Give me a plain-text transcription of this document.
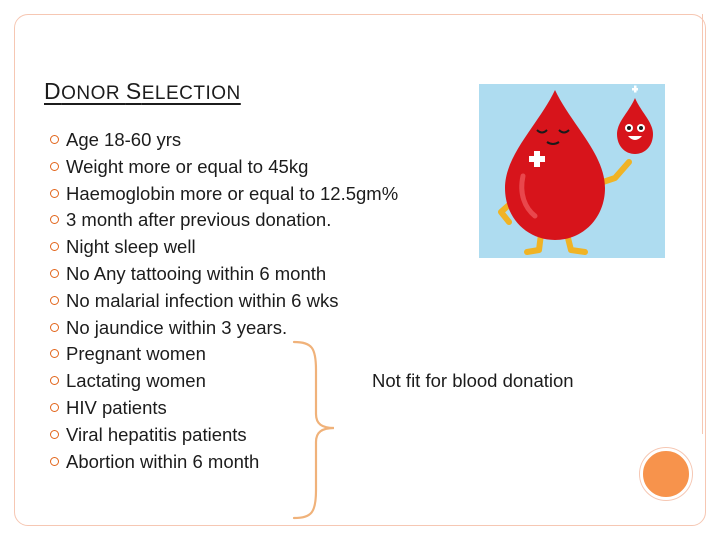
DONOR SELECTION
Age 18-60 yrs
Weight more or equal to 45kg
Haemoglobin more or equal to 12.5gm%
3 month after previous donation.
Night sleep well
No Any tattooing within 6 month
No malarial infection within 6 wks
No jaundice within 3 years.
Pregnant women
Lactating women
HIV patients
Viral hepatitis patients
Abortion within 6 month
Not fit for blood donation
